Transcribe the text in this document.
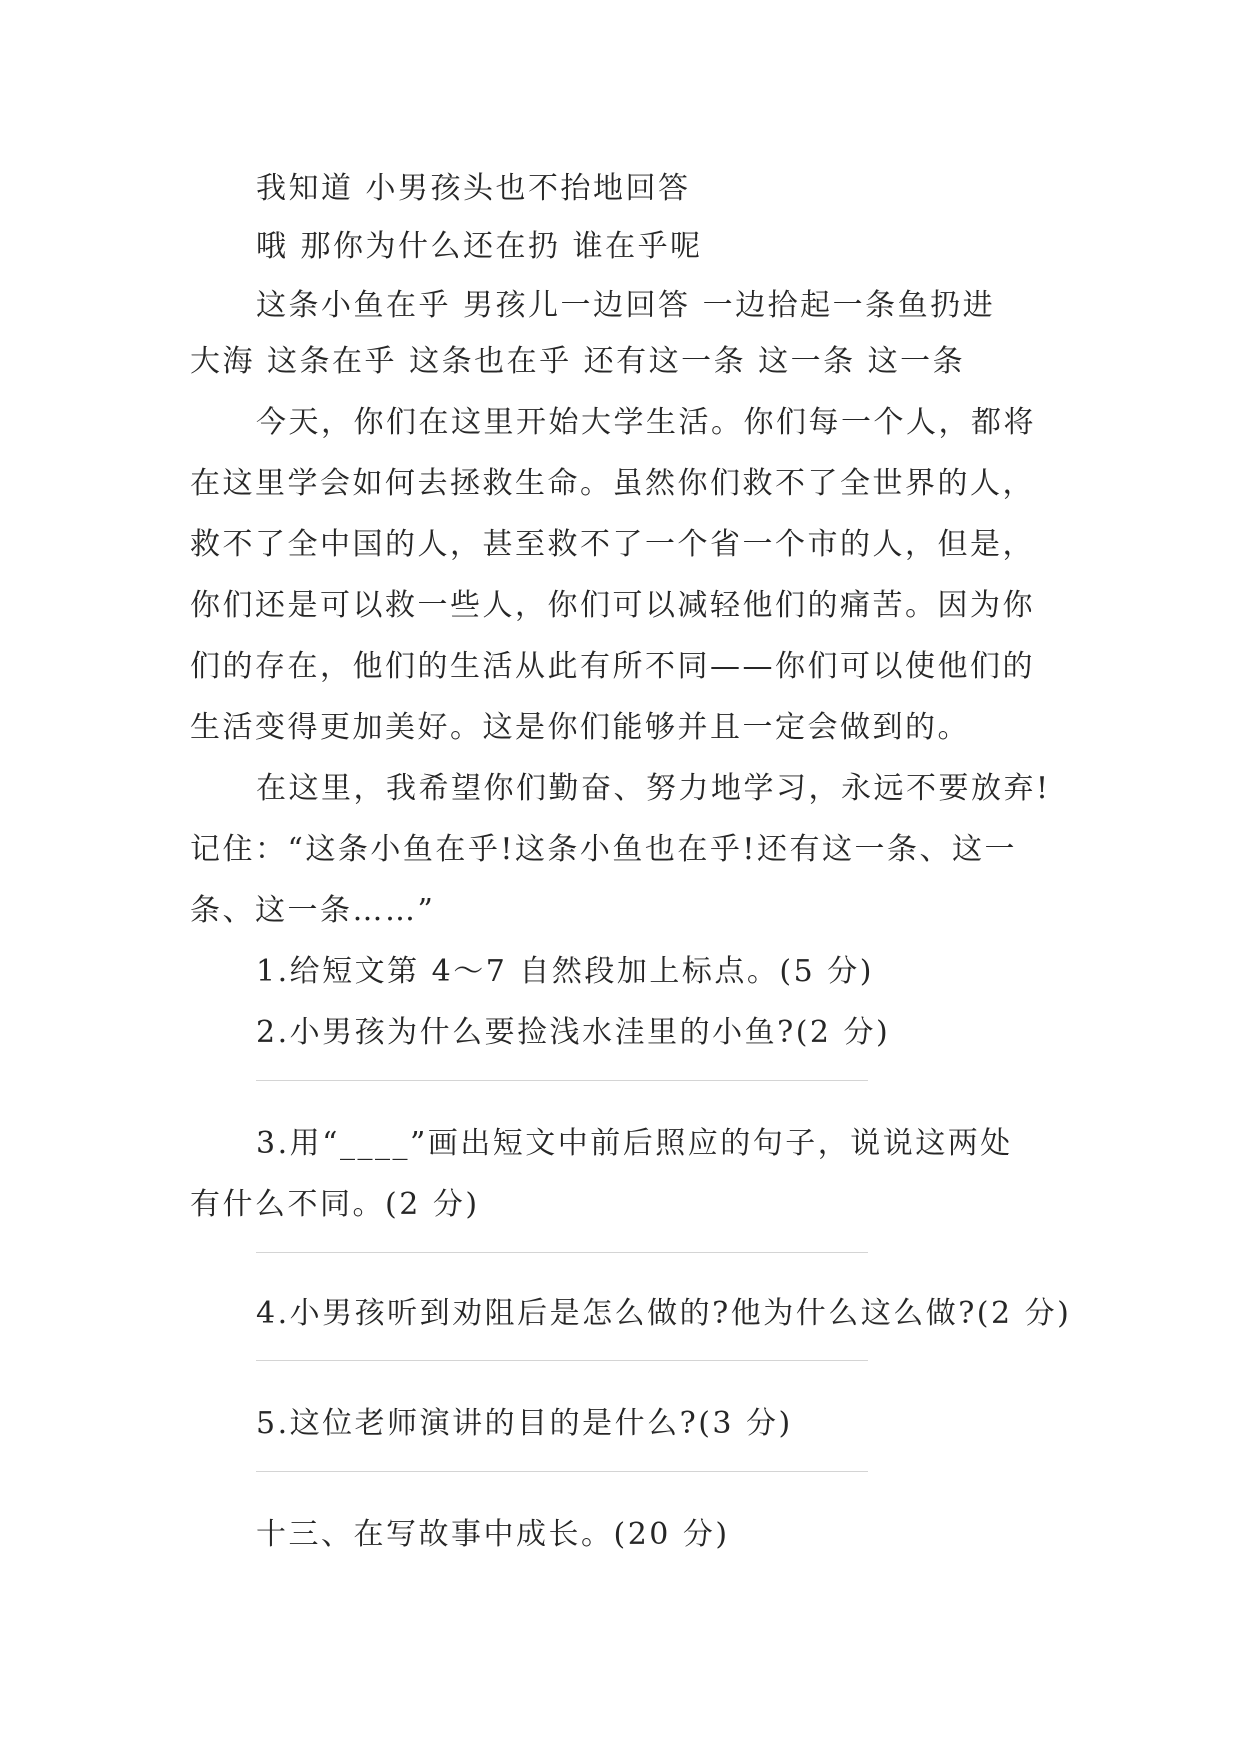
我知道 小男孩头也不抬地回答
哦 那你为什么还在扔 谁在乎呢
这条小鱼在乎 男孩儿一边回答 一边拾起一条鱼扔进
大海 这条在乎 这条也在乎 还有这一条 这一条 这一条
今天，你们在这里开始大学生活。你们每一个人，都将
在这里学会如何去拯救生命。虽然你们救不了全世界的人，
救不了全中国的人，甚至救不了一个省一个市的人，但是，
你们还是可以救一些人，你们可以减轻他们的痛苦。因为你
们的存在，他们的生活从此有所不同——你们可以使他们的
生活变得更加美好。这是你们能够并且一定会做到的。
在这里，我希望你们勤奋、努力地学习，永远不要放弃!
记住：“这条小鱼在乎!这条小鱼也在乎!还有这一条、这一
条、这一条……”
1.给短文第 4～7 自然段加上标点。(5 分)
2.小男孩为什么要捡浅水洼里的小鱼?(2 分)
3.用“____”画出短文中前后照应的句子，说说这两处
有什么不同。(2 分)
4.小男孩听到劝阻后是怎么做的?他为什么这么做?(2 分)
5.这位老师演讲的目的是什么?(3 分)
十三、在写故事中成长。(20 分)
